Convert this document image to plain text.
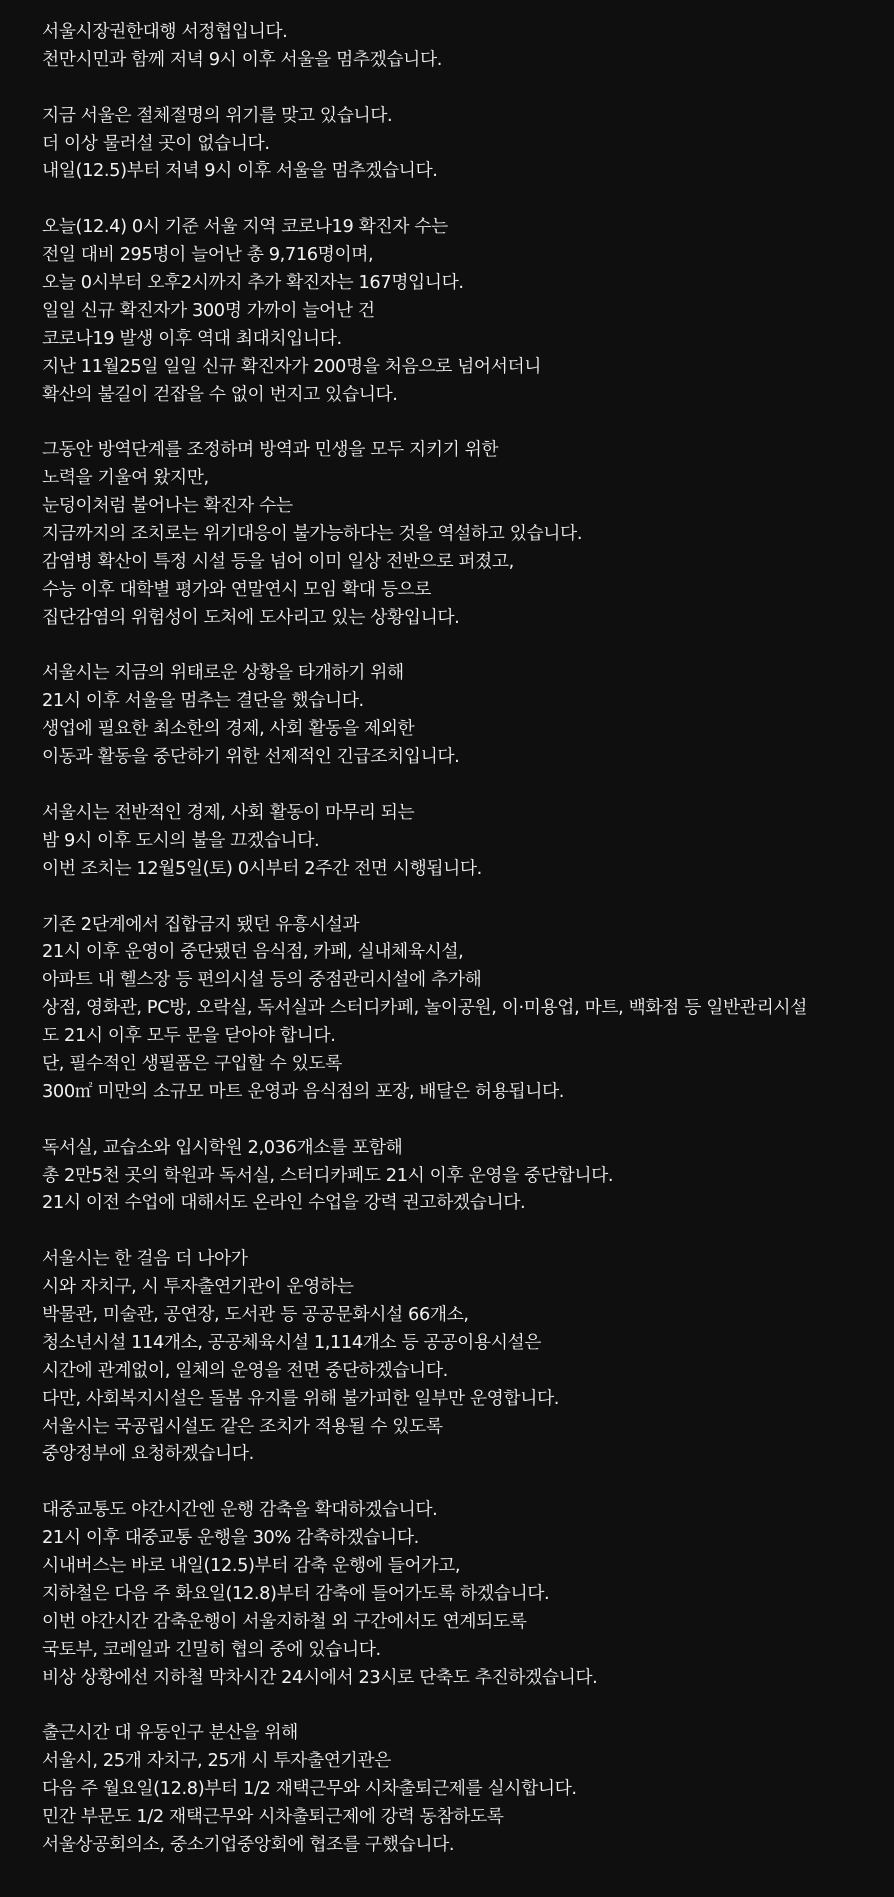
서울시장권한대행 서정협입니다.
천만시민과 함께 저녁 9시 이후 서울을 멈추겠습니다.
지금 서울은 절체절명의 위기를 맞고 있습니다.
더 이상 물러설 곳이 없습니다.
내일(12.5)부터 저녁 9시 이후 서울을 멈추겠습니다.
오늘(12.4) 0시 기준 서울 지역 코로나19 확진자 수는
전일 대비 295명이 늘어난 총 9,716명이며,
오늘 0시부터 오후2시까지 추가 확진자는 167명입니다.
일일 신규 확진자가 300명 가까이 늘어난 건
코로나19 발생 이후 역대 최대치입니다.
지난 11월25일 일일 신규 확진자가 200명을 처음으로 넘어서더니
확산의 불길이 걷잡을 수 없이 번지고 있습니다.
그동안 방역단계를 조정하며 방역과 민생을 모두 지키기 위한
노력을 기울여 왔지만,
눈덩이처럼 불어나는 확진자 수는
지금까지의 조치로는 위기대응이 불가능하다는 것을 역설하고 있습니다.
감염병 확산이 특정 시설 등을 넘어 이미 일상 전반으로 퍼졌고,
수능 이후 대학별 평가와 연말연시 모임 확대 등으로
집단감염의 위험성이 도처에 도사리고 있는 상황입니다.
서울시는 지금의 위태로운 상황을 타개하기 위해
21시 이후 서울을 멈추는 결단을 했습니다.
생업에 필요한 최소한의 경제, 사회 활동을 제외한
이동과 활동을 중단하기 위한 선제적인 긴급조치입니다.
서울시는 전반적인 경제, 사회 활동이 마무리 되는
밤 9시 이후 도시의 불을 끄겠습니다.
이번 조치는 12월5일(토) 0시부터 2주간 전면 시행됩니다.
기존 2단계에서 집합금지 됐던 유흥시설과
21시 이후 운영이 중단됐던 음식점, 카페, 실내체육시설,
아파트 내 헬스장 등 편의시설 등의 중점관리시설에 추가해
상점, 영화관, PC방, 오락실, 독서실과 스터디카페, 놀이공원, 이·미용업, 마트, 백화점 등 일반관리시설
도 21시 이후 모두 문을 닫아야 합니다.
단, 필수적인 생필품은 구입할 수 있도록
300㎡ 미만의 소규모 마트 운영과 음식점의 포장, 배달은 허용됩니다.
독서실, 교습소와 입시학원 2,036개소를 포함해
총 2만5천 곳의 학원과 독서실, 스터디카페도 21시 이후 운영을 중단합니다.
21시 이전 수업에 대해서도 온라인 수업을 강력 권고하겠습니다.
서울시는 한 걸음 더 나아가
시와 자치구, 시 투자출연기관이 운영하는
박물관, 미술관, 공연장, 도서관 등 공공문화시설 66개소,
청소년시설 114개소, 공공체육시설 1,114개소 등 공공이용시설은
시간에 관계없이, 일체의 운영을 전면 중단하겠습니다.
다만, 사회복지시설은 돌봄 유지를 위해 불가피한 일부만 운영합니다.
서울시는 국공립시설도 같은 조치가 적용될 수 있도록
중앙정부에 요청하겠습니다.
대중교통도 야간시간엔 운행 감축을 확대하겠습니다.
21시 이후 대중교통 운행을 30% 감축하겠습니다.
시내버스는 바로 내일(12.5)부터 감축 운행에 들어가고,
지하철은 다음 주 화요일(12.8)부터 감축에 들어가도록 하겠습니다.
이번 야간시간 감축운행이 서울지하철 외 구간에서도 연계되도록
국토부, 코레일과 긴밀히 협의 중에 있습니다.
비상 상황에선 지하철 막차시간 24시에서 23시로 단축도 추진하겠습니다.
출근시간 대 유동인구 분산을 위해
서울시, 25개 자치구, 25개 시 투자출연기관은
다음 주 월요일(12.8)부터 1/2 재택근무와 시차출퇴근제를 실시합니다.
민간 부문도 1/2 재택근무와 시차출퇴근제에 강력 동참하도록
서울상공회의소, 중소기업중앙회에 협조를 구했습니다.
